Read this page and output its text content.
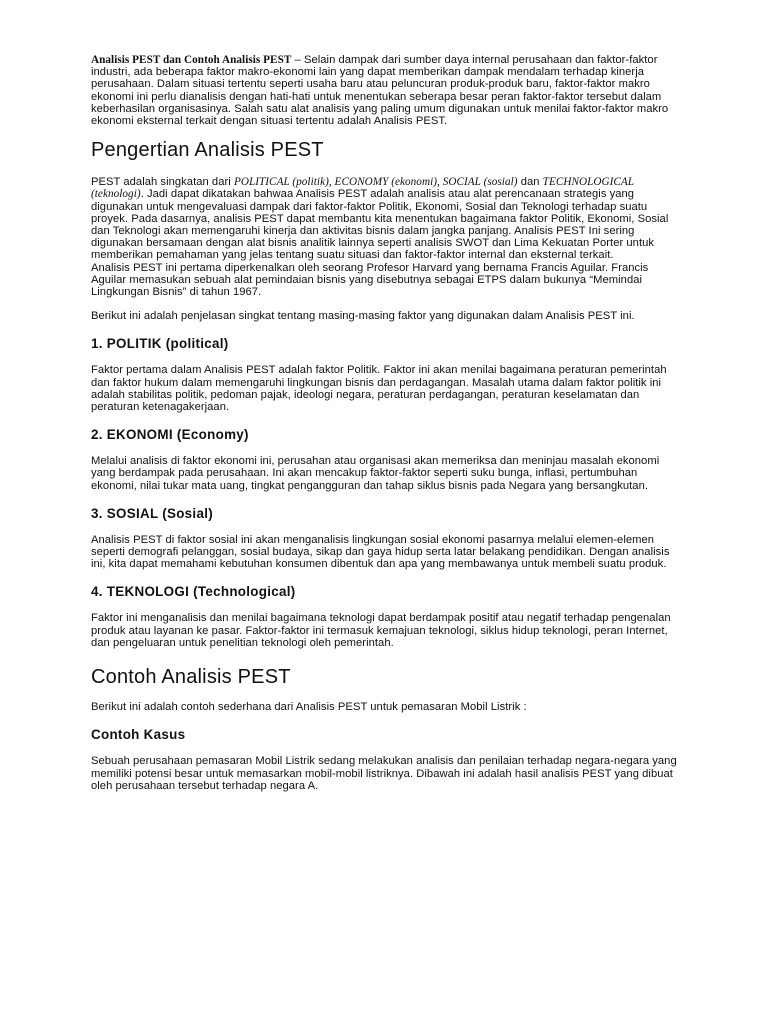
Analisis PEST dan Contoh Analisis PEST – Selain dampak dari sumber daya internal perusahaan dan faktor-faktor industri, ada beberapa faktor makro-ekonomi lain yang dapat memberikan dampak mendalam terhadap kinerja perusahaan. Dalam situasi tertentu seperti usaha baru atau peluncuran produk-produk baru, faktor-faktor makro ekonomi ini perlu dianalisis dengan hati-hati untuk menentukan seberapa besar peran faktor-faktor tersebut dalam keberhasilan organisasinya. Salah satu alat analisis yang paling umum digunakan untuk menilai faktor-faktor makro ekonomi eksternal terkait dengan situasi tertentu adalah Analisis PEST.

Pengertian Analisis PEST

PEST adalah singkatan dari POLITICAL (politik), ECONOMY (ekonomi), SOCIAL (sosial) dan TECHNOLOGICAL (teknologi). Jadi dapat dikatakan bahwaa Analisis PEST adalah analisis atau alat perencanaan strategis yang digunakan untuk mengevaluasi dampak dari faktor-faktor Politik, Ekonomi, Sosial dan Teknologi terhadap suatu proyek. Pada dasarnya, analisis PEST dapat membantu kita menentukan bagaimana faktor Politik, Ekonomi, Sosial dan Teknologi akan memengaruhi kinerja dan aktivitas bisnis dalam jangka panjang. Analisis PEST Ini sering digunakan bersamaan dengan alat bisnis analitik lainnya seperti analisis SWOT dan Lima Kekuatan Porter untuk memberikan pemahaman yang jelas tentang suatu situasi dan faktor-faktor internal dan eksternal terkait.

Analisis PEST ini pertama diperkenalkan oleh seorang Profesor Harvard yang bernama Francis Aguilar. Francis Aguilar memasukan sebuah alat pemindaian bisnis yang disebutnya sebagai ETPS dalam bukunya “Memindai Lingkungan Bisnis” di tahun 1967.

Berikut ini adalah penjelasan singkat tentang masing-masing faktor yang digunakan dalam Analisis PEST ini.

1. POLITIK (political)

Faktor pertama dalam Analisis PEST adalah faktor Politik. Faktor ini akan menilai bagaimana peraturan pemerintah dan faktor hukum dalam memengaruhi lingkungan bisnis dan perdagangan. Masalah utama dalam faktor politik ini adalah stabilitas politik, pedoman pajak, ideologi negara, peraturan perdagangan, peraturan keselamatan dan peraturan ketenagakerjaan.

2. EKONOMI (Economy)

Melalui analisis di faktor ekonomi ini, perusahan atau organisasi akan memeriksa dan meninjau masalah ekonomi yang berdampak pada perusahaan. Ini akan mencakup faktor-faktor seperti suku bunga, inflasi, pertumbuhan ekonomi, nilai tukar mata uang, tingkat pengangguran dan tahap siklus bisnis pada Negara yang bersangkutan.

3. SOSIAL (Sosial)

Analisis PEST di faktor sosial ini akan menganalisis lingkungan sosial ekonomi pasarnya melalui elemen-elemen seperti demografi pelanggan, sosial budaya, sikap dan gaya hidup serta latar belakang pendidikan. Dengan analisis ini, kita dapat memahami kebutuhan konsumen dibentuk dan apa yang membawanya untuk membeli suatu produk.

4. TEKNOLOGI (Technological)

Faktor ini menganalisis dan menilai bagaimana teknologi dapat berdampak positif atau negatif terhadap pengenalan produk atau layanan ke pasar. Faktor-faktor ini termasuk kemajuan teknologi, siklus hidup teknologi, peran Internet, dan pengeluaran untuk penelitian teknologi oleh pemerintah.

Contoh Analisis PEST

Berikut ini adalah contoh sederhana dari Analisis PEST untuk pemasaran Mobil Listrik :

Contoh Kasus

Sebuah perusahaan pemasaran Mobil Listrik sedang melakukan analisis dan penilaian terhadap negara-negara yang memiliki potensi besar untuk memasarkan mobil-mobil listriknya. Dibawah ini adalah hasil analisis PEST yang dibuat oleh perusahaan tersebut terhadap negara A.
